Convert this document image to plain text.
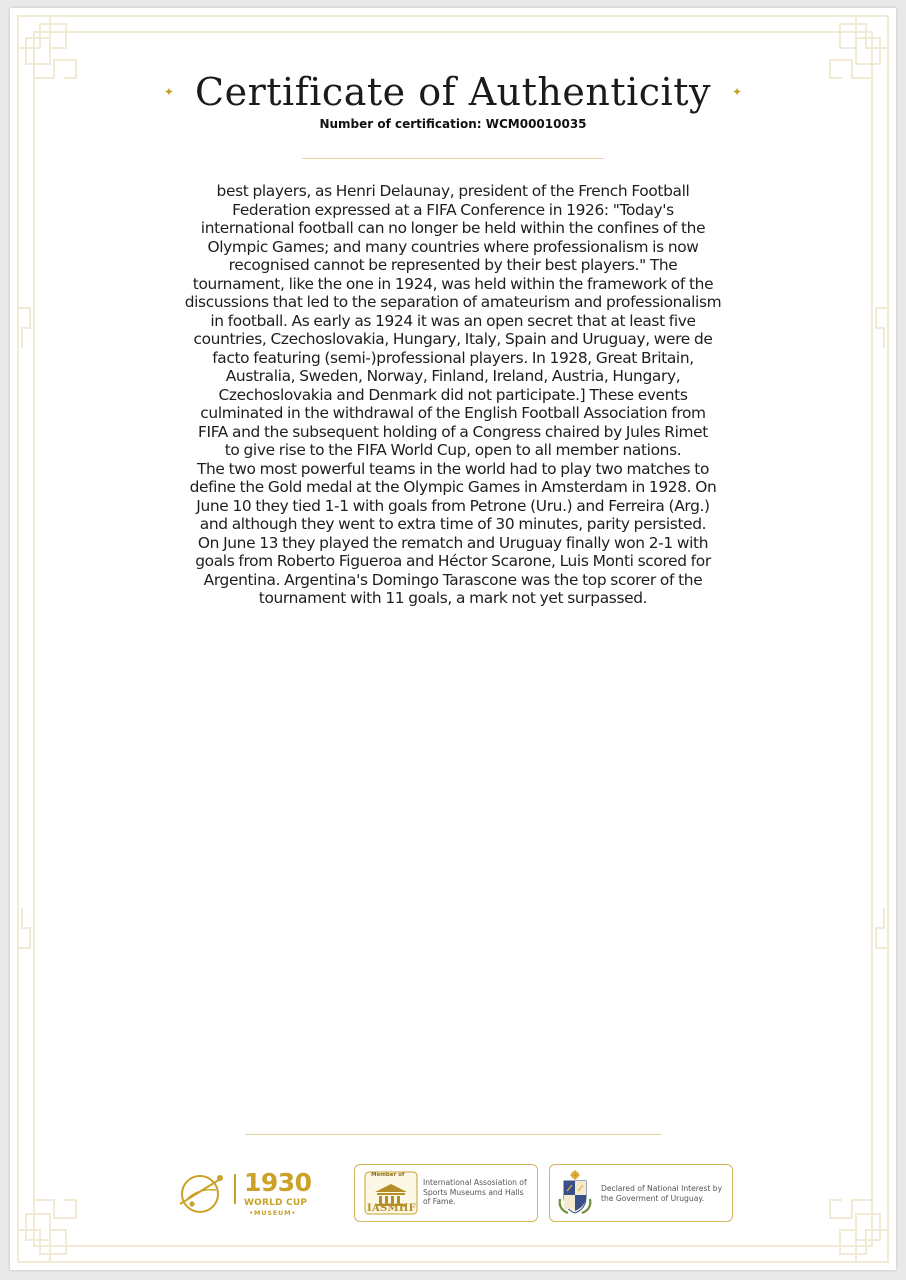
✦ Certificate of Authenticity ✦
Number of certification: WCM00010035
best players, as Henri Delaunay, president of the French Football
Federation expressed at a FIFA Conference in 1926: "Today's
international football can no longer be held within the confines of the
Olympic Games; and many countries where professionalism is now
recognised cannot be represented by their best players." The
tournament, like the one in 1924, was held within the framework of the
discussions that led to the separation of amateurism and professionalism
in football. As early as 1924 it was an open secret that at least five
countries, Czechoslovakia, Hungary, Italy, Spain and Uruguay, were de
facto featuring (semi-)professional players. In 1928, Great Britain,
Australia, Sweden, Norway, Finland, Ireland, Austria, Hungary,
Czechoslovakia and Denmark did not participate.] These events
culminated in the withdrawal of the English Football Association from
FIFA and the subsequent holding of a Congress chaired by Jules Rimet
to give rise to the FIFA World Cup, open to all member nations.
The two most powerful teams in the world had to play two matches to
define the Gold medal at the Olympic Games in Amsterdam in 1928. On
June 10 they tied 1-1 with goals from Petrone (Uru.) and Ferreira (Arg.)
and although they went to extra time of 30 minutes, parity persisted.
On June 13 they played the rematch and Uruguay finally won 2-1 with
goals from Roberto Figueroa and Héctor Scarone, Luis Monti scored for
Argentina. Argentina's Domingo Tarascone was the top scorer of the
tournament with 11 goals, a mark not yet surpassed.
1930
WORLD CUP
•MUSEUM•
Member of
IASMHF
International Assosiation of Sports Museums and Halls of Fame.
Declared of National Interest by the Goverment of Uruguay.
